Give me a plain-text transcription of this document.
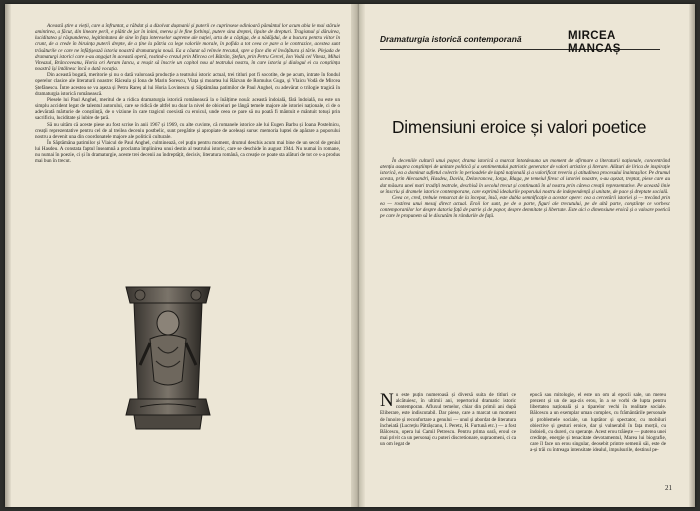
Această știre a vieții, care a înfruntat, a răbdat și a dizolvat dușmanii și puterii ce cuprinsese odinioară pământul lor acum abia le mai stăruie amintirea, a făcut, din lineare peril, e plătit de jar în inimi, mereu și le fine forbinși, putere sina dreptei, lipsite de drepturi. Tragismul și dăruirea, luciditatea și răspunderea, legitimitatea de sine în fața intereselor supreme ale nației, arta de a câștiga, de a nădăjdui, de a bucura pentru viitor în crunt, de a crede în biruința puterii drepte, de a ține la pătria ca lege valorile morale, în pofida a tot ceea ce pare a le contrazice, acestea sunt trăsăturile ce care ne înfățișează istoria noastră dramaturgia nouă. Ea a căutat să reînvie trecutul, spre a face din el învățătura și tărie. Plejada de dramaturgi istorici care s-au angajat în această operă, rostind-o crezul prin Mircea cel Bătrân, Ștefan, prin Petru Cercel, Ion Vodă cel Viteaz, Mihai Viteazul, Brâncoveanu, Horia ori Avram Iancu, a reușit să înscrie un capitol nou al teatrului nostru, în care istoria și dialogul ei cu conștiința noastră își întâlnesc încă o dată vocația.

Din această bogată, meritorie și nu o dată valoroasă producție a teatrului istoric actual, trei titluri pot fi socotite, de pe acum, intrate în fondul operelor clasice ale literaturii noastre: Răceala și Iona de Marin Sorescu, Viața și moartea lui Răzvan de Romulus Guga, și Vlaicu Vodă de Mircea Ștefănescu. Între acestea se va așeza și Petru Rareș al lui Horia Lovinescu și Săptămâna patimilor de Paul Anghel, cu adevărat o trilogie tragică în dramaturgia istorică românească.

Piesele lui Paul Anghel, meritul de a ridica dramaturgia istorică românească la o înălțime nouă: această îndoială, fără îndoială, nu este un simplu accident legat de talentul autorului, care se ridică de altfel nu doar la nivel de obiceiuri pe lângă temele majore ale istoriei naționale, ci de o adevărată mărturie de conștiință, de o viziune în care tragicul coexistă cu eroicul, unde ceea ce pare să nu poată fi mântuit e mântuit totuși prin sacrificiu, luciditate și iubire de țară.

Să nu uităm că aceste piese au fost scrise în anii 1967 și 1969, cu alte cuvinte, că romanele istorice ale lui Eugen Barbu și Ioana Postelnicu, creații reprezentative pentru cel de al treilea deceniu postbelic, sunt pregătite și apropiate de aceleași surse: memoria luptei de apărare a poporului nostru a devenit una din coordonatele majore ale politicii culturale.

În Săptămâna patimilor și Vlaicul de Paul Anghel, culminează, cel puțin pentru moment, drumul deschis acum mai bine de un secol de geniul lui Hasdeu. A constata faptul înseamnă a proclama împlinirea unui destin al teatrului istoric, care se deschide în august 1944. Nu numai în romane, nu numai în poezie, ci și în dramaturgie, aceste trei decenii au îndreptățit, decisiv, literatura română, ca creație ce poate sta alături de tot ce s-a produs mai bun în trecut.

Dramaturgia istorică contemporană	MIRCEA
MANCAȘ
Dimensiuni eroice și valori poetice

În deceniile culturii unui popor, drama istorică a marcat întotdeauna un moment de afirmare a literaturii naționale, concentrând atenția asupra conștiinței de unitate politică și a sentimentului patriotic generator de valori artistice și literare. Alături de lirica de inspirație istorică, ea a dominat sufletul colectiv în perioadele de luptă națională și a valorificat reveria și atitudinea procesului înaintașilor. Pe drumul acesta, prin Alecsandri, Hasdeu, Davila, Delavrancea, Iorga, Blaga, pe temeiul firesc al istoriei noastre, s-au așezat, treptat, piese care au dat măsura unei mari tradiții teatrale, deschisă în secolul trecut și continuată în al nostru prin câteva creații reprezentative. Pe această linie se înscriu și dramele istorice contemporane, care exprimă idealurile poporului nostru de independență și unitate, de pace și dreptate socială.

Ceea ce, cred, trebuie remarcat de la început, însă, este dubla semnificație a acestor opere: cea a cercetării istoriei și — trecând prin ea — rostirea unui mesaj direct actual. Eroii lor sunt, pe de o parte, figuri ale trecutului, pe de altă parte, conștiințe ce vorbesc contemporanilor lor despre datoria față de patrie și de popor, despre demnitate și libertate. Este aici o dimensiune eroică și o valoare poetică pe care le propunem să le discutăm în rândurile de față.

Nu este puțin numeroasă și diversă suita de titluri ce alcătuiesc, în ultimii ani, repertoriul dramatic istoric contemporan. Afluxul temelor, chiar din primii ani după Eliberare, este indiscutabil. Dar piese, care a marcat un moment de înnoire și reconfortare a genului — unul și abordat de literatura încheiată (Lucrețiu Pătrășcanu, I. Peretz, H. Furtună etc.) — a fost Bălcescu, opera lui Camil Petrescu. Pentru prima oară, eroul ce mai privit ca un personaj cu puteri discretionare, supraomeni, ci ca un om legat de

epocă sau mitologie, el este un om al epocii sale, un mereu prezent și un de așa-zis erou, în a se vorbi de lupta pentru libertatea națională și a tiparelor vechi în realitate sociale. Bălcescu a un exemplar uman complex, cu frământările personale și problemele sociale, un luptător și spectator, cu mobiluri obiective și gesturi eroice, dar și vulnerabil în fața morții, cu îndoieli, cu dureri, cu speranțe. Acest erou trăiește — puterea unei credințe, energie și tenacitate devotamentul, Marea lui biografie, care îl face un erou singular, deosebit printre semenii săi, este de a-și trăi cu întreaga intensitate idealul, impulsurile, destinul pe-

21
